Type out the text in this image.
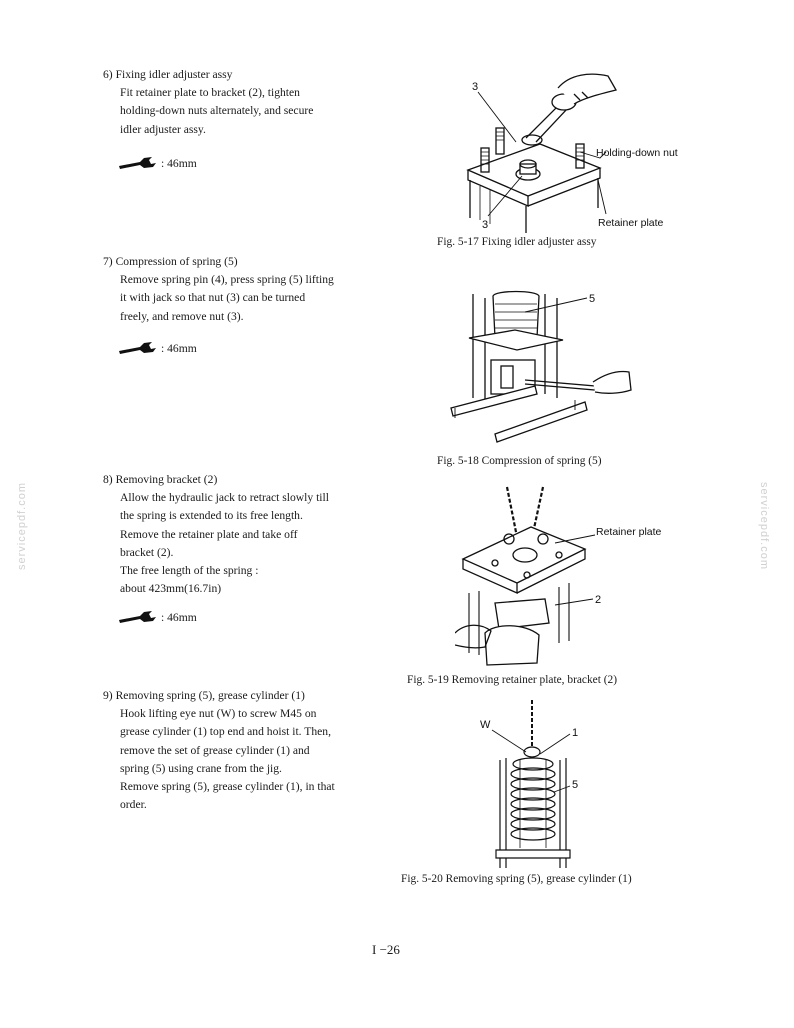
servicepdf.com	servicepdf.com
6) Fixing idler adjuster assy

Fit retainer plate to bracket (2), tighten

holding-down nuts alternately, and secure

idler adjuster assy.

: 46mm
7) Compression of spring (5)

Remove spring pin (4), press spring (5) lifting

it with jack so that nut (3) can be turned

freely, and remove nut (3).

: 46mm
8) Removing bracket (2)

Allow the hydraulic jack to retract slowly till

the spring is extended to its free length.

Remove the retainer plate and take off

bracket (2).

The free length of the spring :

about 423mm(16.7in)

: 46mm
9) Removing spring (5), grease cylinder (1)

Hook lifting eye nut (W) to screw M45 on

grease cylinder (1) top end and hoist it. Then,

remove the set of grease cylinder (1) and

spring (5) using crane from the jig.

Remove spring (5), grease cylinder (1), in that

order.

3
3
Holding-down nut
Retainer plate
Fig. 5-17 Fixing idler adjuster assy
5
Fig. 5-18 Compression of spring (5)
Retainer plate
2
Fig. 5-19 Removing retainer plate, bracket (2)
W
1
5
Fig. 5-20 Removing spring (5), grease cylinder (1)
I −26
